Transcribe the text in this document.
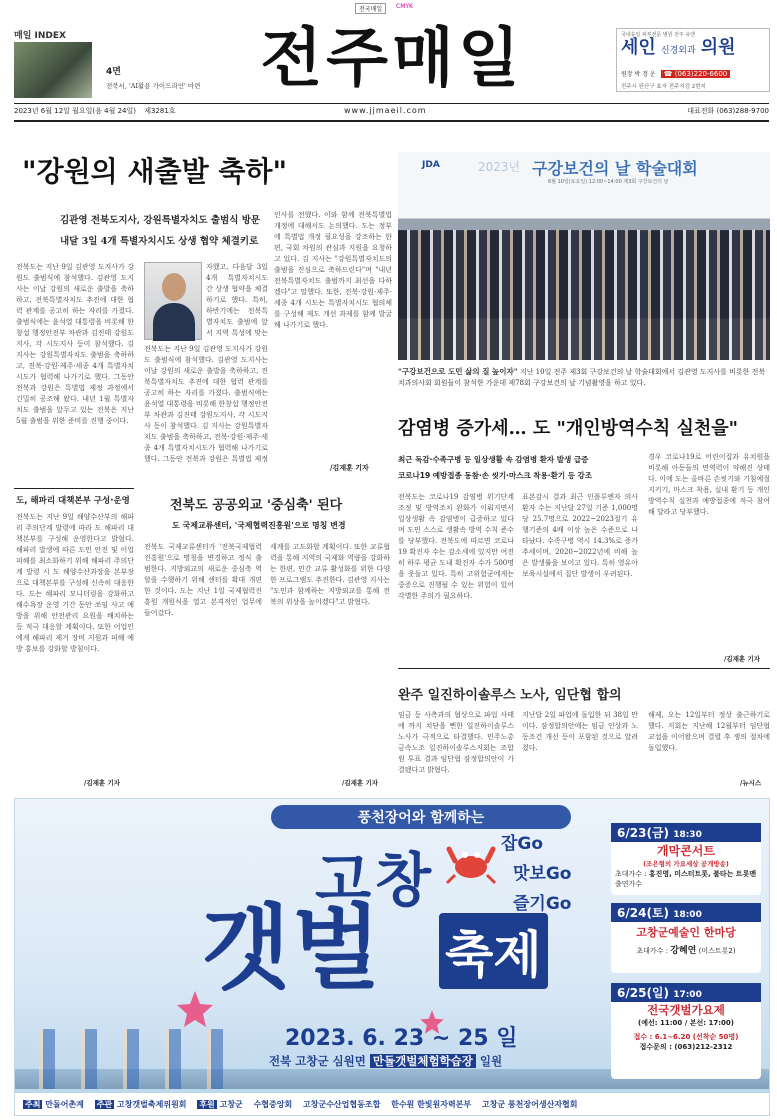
전국매일	CMYK
매일 INDEX
4면
전북서, 'AI활용 가이드라인' 마련 전주매일	국내유일 피부전문 병원 전주 유앤
세인 신경외과 의원
원장 박 정 운 ☎ (063)220-6600
전주시 완산구 효자 전주지검 2번지
2023년 6월 12일 월요일(음 4월 24일) 제3281호	www.jjmaeil.com	대표전화 (063)288-9700
"강원의 새출발 축하"
김관영 전북도지사, 강원특별자치도 출범식 방문
내달 3일 4개 특별자치시도 상생 협약 체결키로

전북도는 지난 9일 김관영 도지사가 강원도 출범식에 참석했다. 김관영 도지사는 이날 강원의 새로운 출발을 축하하고, 전북특별자치도 추진에 대한 협력 관계를 공고히 하는 자리를 가졌다. 출범식에는 윤석열 대통령을 비롯해 한창섭 행정안전부 차관과 김진태 강원도지사, 각 시도지사 등이 참석했다. 김 지사는 강원특별자치도 출범을 축하하고, 전북·강원·제주·세종 4개 특별자치시도가 협력해 나가기로 했다. 그동안 전북과 강원은 특별법 제정 과정에서 긴밀히 공조해 왔다. 내년 1월 특별자치도 출범을 앞두고 있는 전북은 지난 5월 출범을 위한 준비를 진행 중이다.

자했고, 다음달 3일 4개 특별자치시도 간 상생 협약을 체결하기로 했다. 특히, 하반기에는 전북특별자치도 출범에 앞서 지역 특성에 맞는

전북도는 지난 9일 김관영 도지사가 강원도 출범식에 참석했다. 김관영 도지사는 이날 강원의 새로운 출발을 축하하고, 전북특별자치도 추진에 대한 협력 관계를 공고히 하는 자리를 가졌다. 출범식에는 윤석열 대통령을 비롯해 한창섭 행정안전부 차관과 김진태 강원도지사, 각 시도지사 등이 참석했다. 김 지사는 강원특별자치도 출범을 축하하고, 전북·강원·제주·세종 4개 특별자치시도가 협력해 나가기로 했다. 그동안 전북과 강원은 특별법 제정

인사를 전했다. 이와 함께 전북특별법 개정에 대해서도 논의했다. 도는 정부에 특별법 개정 필요성을 강조하는 한편, 국회 차원의 관심과 지원을 요청하고 있다. 김 지사는 "강원특별자치도의 출범을 진심으로 축하드린다"며 "내년 전북특별자치도 출범까지 최선을 다하겠다"고 말했다. 또한, 전북·강원·제주·세종 4개 시도는 특별자치시도 협의체를 구성해 제도 개선 과제를 함께 발굴해 나가기로 했다.

/김재훈 기자
JDA	2023년 구강보건의 날 학술대회
6월 10일(토요일) 12:00~14:00 제3회 구강보건의 날
"구강보건으로 도민 삶의 질 높이자" 지난 10일 전주 제3회 구강보건의 날 학술대회에서 김관영 도지사를 비롯한 전북치과의사회 회원들이 참석한 가운데 제78회 구강보건의 날 기념촬영을 하고 있다.
감염병 증가세… 도 "개인방역수칙 실천을"
최근 독감·수족구병 등 일상생활 속 감염병 환자 발생 급증
코로나19 예방접종 동참·손 씻기·마스크 착용·환기 등 강조

전북도는 코로나19 감염병 위기단계 조정 및 방역조치 완화가 이뤄지면서 일상생활 속 감염병이 급증하고 있다며 도민 스스로 생활속 방역 수칙 준수를 당부했다. 전북도에 따르면 코로나19 확진자 수는 감소세에 있지만 여전히 하루 평균 도내 확진자 수가 500명을 웃돌고 있다. 특히 고위험군에게는 중증으로 진행될 수 있는 위험이 있어 각별한 주의가 필요하다.

표본감시 결과 최근 인플루엔자 의사 환자 수는 지난달 27일 기준 1,000명당 25.7명으로 2022~2023절기 유행기준의 4배 이상 높은 수준으로 나타났다. 수족구병 역시 14.3%로 증가 추세이며, 2020~2022년에 비해 높은 발생률을 보이고 있다. 특히 영유아 보육시설에서 집단 발생이 우려된다.

경우 코로나19로 어린이집과 유치원을 비롯해 아동들의 면역력이 약해진 상태다. 이에 도는 올바른 손씻기와 기침예절 지키기, 마스크 착용, 실내 환기 등 개인방역수칙 실천과 예방접종에 적극 참여해 달라고 당부했다.

/김재훈 기자
도, 해파리 대책본부 구성·운영

전북도는 지난 9일 해양수산부의 해파리 주의단계 발령에 따라 도 해파리 대책본부를 구성해 운영한다고 밝혔다. 해파리 발생에 따른 도민 안전 및 어업 피해를 최소화하기 위해 해파리 주의단계 발령 시 도 해양수산과장을 본부장으로 대책본부를 구성해 신속히 대응한다. 도는 해파리 모니터링을 강화하고 해수욕장 운영 기간 동안 쏘임 사고 예방을 위해 안전관리 요원을 배치하는 등 적극 대응할 계획이다. 또한 어업인에게 해파리 제거 장비 지원과 피해 예방 홍보를 강화할 방침이다.

/김재훈 기자
전북도 공공외교 '중심축' 된다
도 국제교류센터, '국제협력진흥원'으로 명칭 변경

전북도 국제교류센터가 '전북국제협력진흥원'으로 명칭을 변경하고 정식 출범한다. 지방외교의 새로운 중심축 역할을 수행하기 위해 센터를 확대 개편한 것이다. 도는 지난 1일 국제협력진흥원 개원식을 열고 본격적인 업무에 들어갔다.

세계를 고도화할 계획이다. 또한 교류협력을 통해 지역의 국제화 역량을 강화하는 한편, 민간 교류 활성화를 위한 다양한 프로그램도 추진한다. 김관영 지사는 "도민과 함께하는 지방외교를 통해 전북의 위상을 높이겠다"고 밝혔다.

/김재훈 기자
완주 일진하이솔루스 노사, 임단협 합의

임금 등 사측과의 협상으로 파업 사태에 까지 치닫을 뻔한 일진하이솔루스 노사가 극적으로 타결했다. 민주노총 금속노조 일진하이솔루스지회는 조합원 투표 결과 임단협 잠정합의안이 가결됐다고 밝혔다.

지난달 2일 파업에 돌입한 뒤 38일 만이다. 잠정합의안에는 임금 인상과 노동조건 개선 등이 포함된 것으로 알려졌다.

해제, 오는 12일부터 정상 출근하기로 했다. 지회는 지난해 12월부터 임단협 교섭을 이어왔으며 결렬 후 쟁의 절차에 돌입했다.

/뉴시스
풍천장어와 함께하는
고창
갯벌 축제
잡Go
맛보Go
즐기Go
2023. 6. 23 ~ 25 일
전북 고창군 심원면 만돌갯벌체험학습장 일원
6/23(금) 18:30
개막콘서트
(조은형의 가요세상 공개방송)
초대가수 : 홍진영, 미스터트롯, 붐타는 트롯맨 출연가수
6/24(토) 18:00
고창군예술인 한마당
초대가수 : 강혜연 (미스트롯2)
6/25(일) 17:00
전국갯벌가요제
(예선: 11:00 / 본선: 17:00)
접수 : 6.1~6.20 (선착순 50명)
접수문의 : (063)212-2312
주최 만돌어촌계 주관 고창갯벌축제위원회 후원 고창군 수협중앙회 고창군수산업협동조합 한수원 한빛원자력본부 고창군 풍천장어생산자협회
